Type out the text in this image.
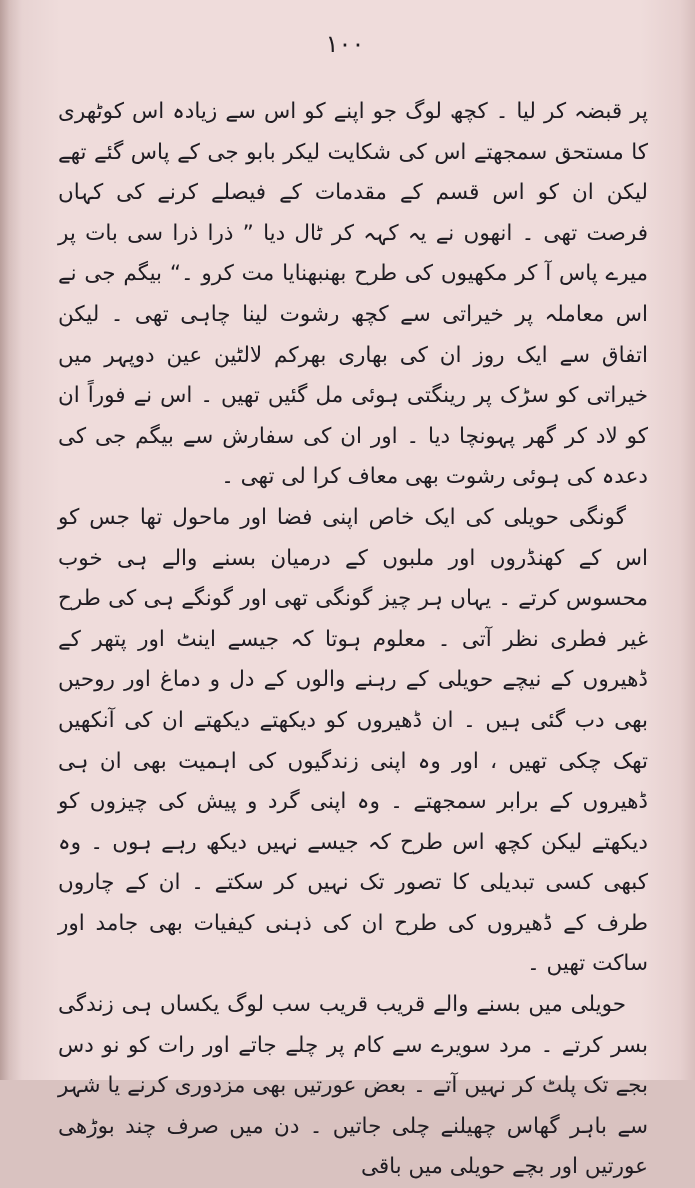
۱۰۰

پر قبضہ کر لیا ۔ کچھ لوگ جو اپنے کو اس سے زیادہ اس کوٹھری کا مستحق سمجھتے اس کی شکایت لیکر بابو جی کے پاس گئے تھے لیکن ان کو اس قسم کے مقدمات کے فیصلے کرنے کی کہاں فرصت تھی ۔ انھوں نے یہ کہہ کر ٹال دیا ” ذرا ذرا سی بات پر میرے پاس آ کر مکھیوں کی طرح بھنبھنایا مت کرو ۔“ بیگم جی نے اس معاملہ پر خیراتی سے کچھ رشوت لینا چاہی تھی ۔ لیکن اتفاق سے ایک روز ان کی بھاری بھرکم لالٹین عین دوپہر میں خیراتی کو سڑک پر رینگتی ہوئی مل گئیں تھیں ۔ اس نے فوراً ان کو لاد کر گھر پہونچا دیا ۔ اور ان کی سفارش سے بیگم جی کی دعدہ کی ہوئی رشوت بھی معاف کرا لی تھی ۔

گونگی حویلی کی ایک خاص اپنی فضا اور ماحول تھا جس کو اس کے کھنڈروں اور ملبوں کے درمیان بسنے والے ہی خوب محسوس کرتے ۔ یہاں ہر چیز گونگی تھی اور گونگے ہی کی طرح غیر فطری نظر آتی ۔ معلوم ہوتا کہ جیسے اینٹ اور پتھر کے ڈھیروں کے نیچے حویلی کے رہنے والوں کے دل و دماغ اور روحیں بھی دب گئی ہیں ۔ ان ڈھیروں کو دیکھتے دیکھتے ان کی آنکھیں تھک چکی تھیں ، اور وہ اپنی زندگیوں کی اہمیت بھی ان ہی ڈھیروں کے برابر سمجھتے ۔ وہ اپنی گرد و پیش کی چیزوں کو دیکھتے لیکن کچھ اس طرح کہ جیسے نہیں دیکھ رہے ہوں ۔ وہ کبھی کسی تبدیلی کا تصور تک نہیں کر سکتے ۔ ان کے چاروں طرف کے ڈھیروں کی طرح ان کی ذہنی کیفیات بھی جامد اور ساکت تھیں ۔

حویلی میں بسنے والے قریب قریب سب لوگ یکساں ہی زندگی بسر کرتے ۔ مرد سویرے سے کام پر چلے جاتے اور رات کو نو دس بجے تک پلٹ کر نہیں آتے ۔ بعض عورتیں بھی مزدوری کرنے یا شہر سے باہر گھاس چھیلنے چلی جاتیں ۔ دن میں صرف چند بوڑھی عورتیں اور بچے حویلی میں باقی
